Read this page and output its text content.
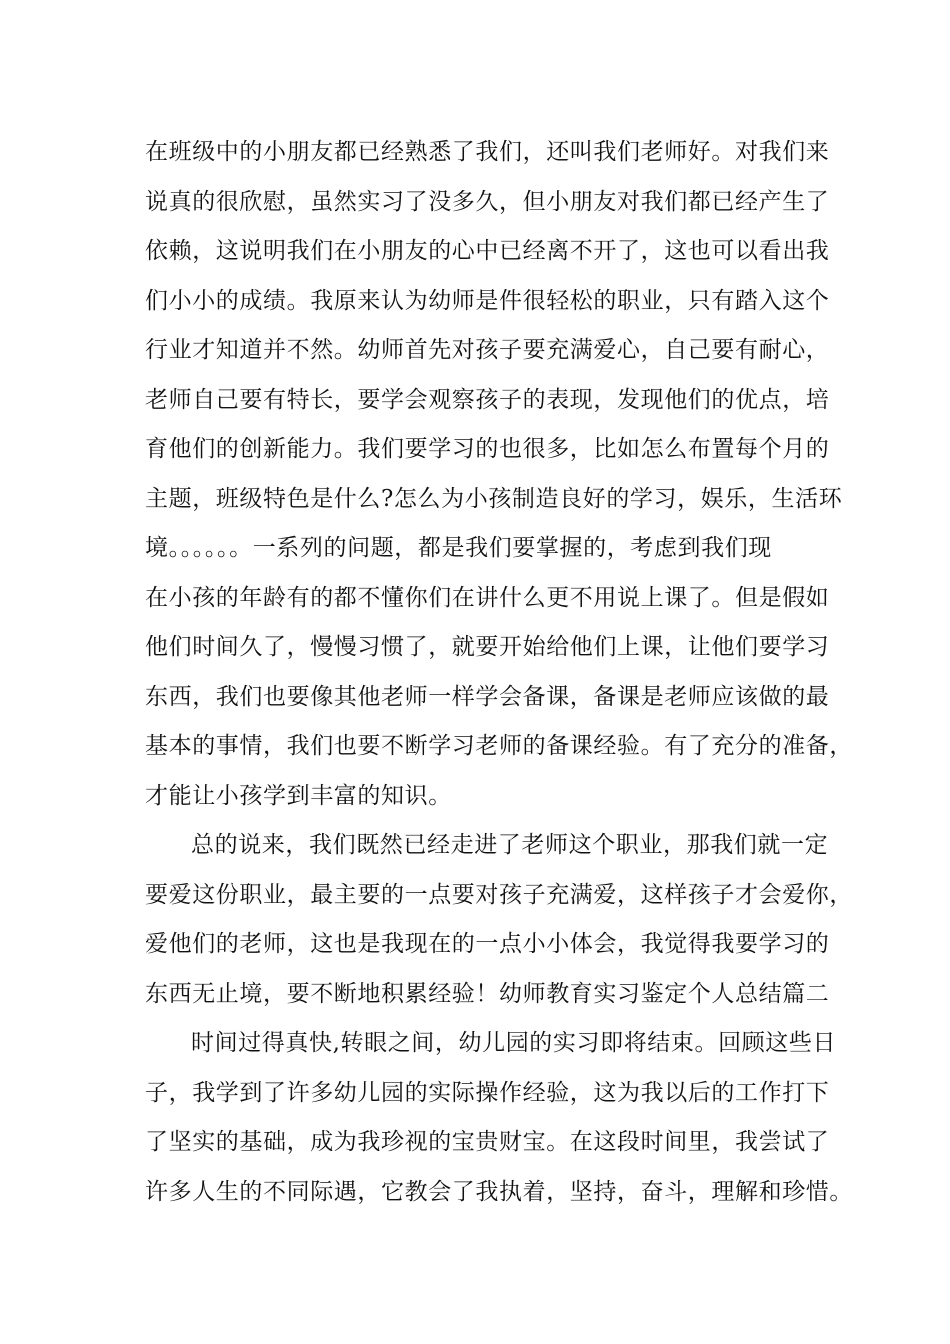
在班级中的小朋友都已经熟悉了我们，还叫我们老师好。对我们来
说真的很欣慰，虽然实习了没多久，但小朋友对我们都已经产生了
依赖，这说明我们在小朋友的心中已经离不开了，这也可以看出我
们小小的成绩。我原来认为幼师是件很轻松的职业，只有踏入这个
行业才知道并不然。幼师首先对孩子要充满爱心，自己要有耐心，
老师自己要有特长，要学会观察孩子的表现，发现他们的优点，培
育他们的创新能力。我们要学习的也很多，比如怎么布置每个月的
主题，班级特色是什么?怎么为小孩制造良好的学习，娱乐，生活环
境。。。。。。一系列的问题，都是我们要掌握的，考虑到我们现
在小孩的年龄有的都不懂你们在讲什么更不用说上课了。但是假如
他们时间久了，慢慢习惯了，就要开始给他们上课，让他们要学习
东西，我们也要像其他老师一样学会备课，备课是老师应该做的最
基本的事情，我们也要不断学习老师的备课经验。有了充分的准备，
才能让小孩学到丰富的知识。
总的说来，我们既然已经走进了老师这个职业，那我们就一定
要爱这份职业，最主要的一点要对孩子充满爱，这样孩子才会爱你，
爱他们的老师，这也是我现在的一点小小体会，我觉得我要学习的
东西无止境，要不断地积累经验！幼师教育实习鉴定个人总结篇二
时间过得真快,转眼之间，幼儿园的实习即将结束。回顾这些日
子，我学到了许多幼儿园的实际操作经验，这为我以后的工作打下
了坚实的基础，成为我珍视的宝贵财宝。在这段时间里，我尝试了
许多人生的不同际遇，它教会了我执着，坚持，奋斗，理解和珍惜。
